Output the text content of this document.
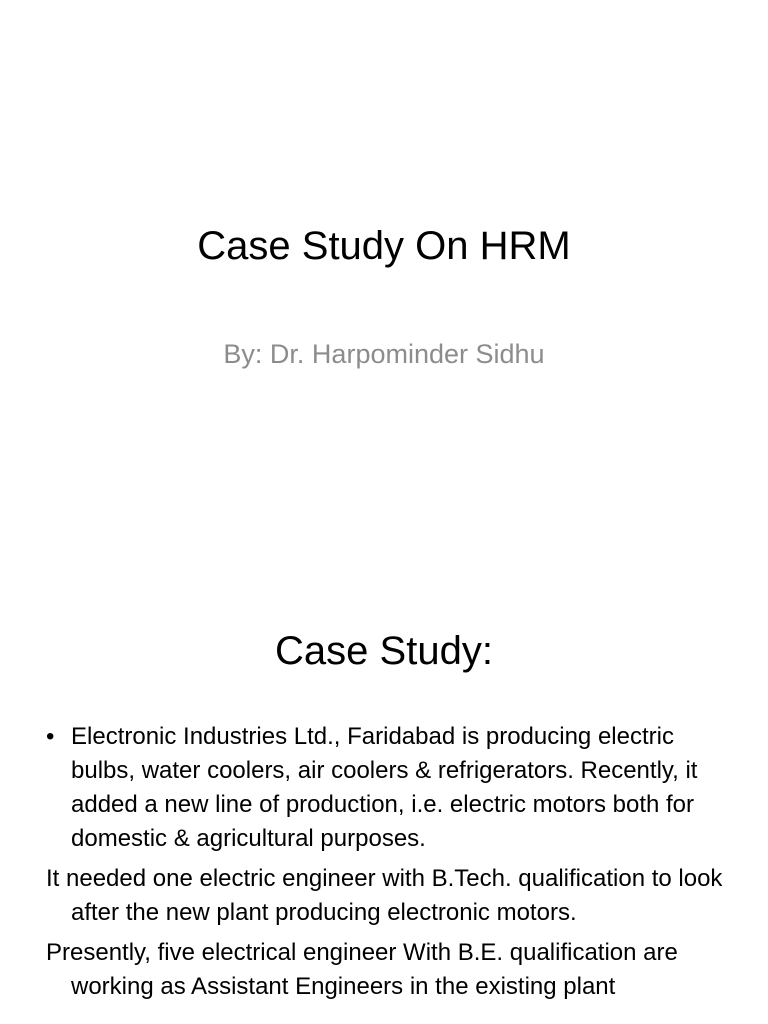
Case Study On HRM
By: Dr. Harpominder Sidhu
Case Study:

• Electronic Industries Ltd., Faridabad is producing electric bulbs, water coolers, air coolers & refrigerators. Recently, it added a new line of production, i.e. electric motors both for domestic & agricultural purposes.

It needed one electric engineer with B.Tech. qualification to look after the new plant producing electronic motors.

Presently, five electrical engineer With B.E. qualification are working as Assistant Engineers in the existing plant
